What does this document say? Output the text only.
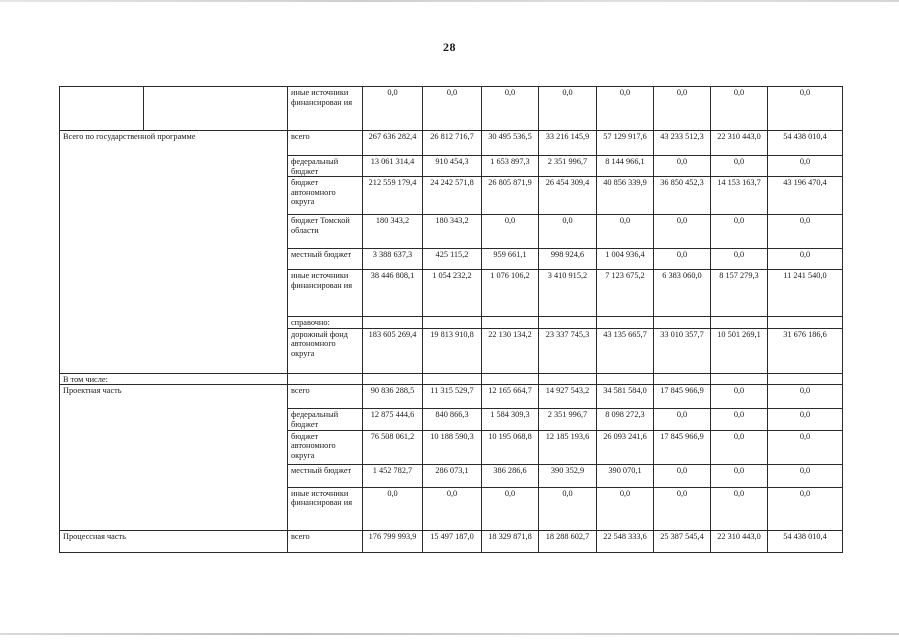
28
		иные источники финансирован ия	0,0	0,0	0,0	0,0	0,0	0,0	0,0	0,0
Всего по государственной программе		всего	267 636 282,4	26 812 716,7	30 495 536,5	33 216 145,9	57 129 917,6	43 233 512,3	22 310 443,0	54 438 010,4
		федеральный бюджет	13 061 314,4	910 454,3	1 653 897,3	2 351 996,7	8 144 966,1	0,0	0,0	0,0
		бюджет автономного округа	212 559 179,4	24 242 571,8	26 805 871,9	26 454 309,4	40 856 339,9	36 850 452,3	14 153 163,7	43 196 470,4
		бюджет Томской области	180 343,2	180 343,2	0,0	0,0	0,0	0,0	0,0	0,0
		местный бюджет	3 388 637,3	425 115,2	959 661,1	998 924,6	1 004 936,4	0,0	0,0	0,0
		иные источники финансирован ия	38 446 808,1	1 054 232,2	1 076 106,2	3 410 915,2	7 123 675,2	6 383 060,0	8 157 279,3	11 241 540,0
		справочно:								
		дорожный фонд автономного округа	183 605 269,4	19 813 910,8	22 130 134,2	23 337 745,3	43 135 665,7	33 010 357,7	10 501 269,1	31 676 186,6
В том числе:										
Проектная часть		всего	90 836 288,5	11 315 529,7	12 165 664,7	14 927 543,2	34 581 584,0	17 845 966,9	0,0	0,0
		федеральный бюджет	12 875 444,6	840 866,3	1 584 309,3	2 351 996,7	8 098 272,3	0,0	0,0	0,0
		бюджет автономного округа	76 508 061,2	10 188 590,3	10 195 068,8	12 185 193,6	26 093 241,6	17 845 966,9	0,0	0,0
		местный бюджет	1 452 782,7	286 073,1	386 286,6	390 352,9	390 070,1	0,0	0,0	0,0
		иные источники финансирован ия	0,0	0,0	0,0	0,0	0,0	0,0	0,0	0,0
Процессная часть		всего	176 799 993,9	15 497 187,0	18 329 871,8	18 288 602,7	22 548 333,6	25 387 545,4	22 310 443,0	54 438 010,4
